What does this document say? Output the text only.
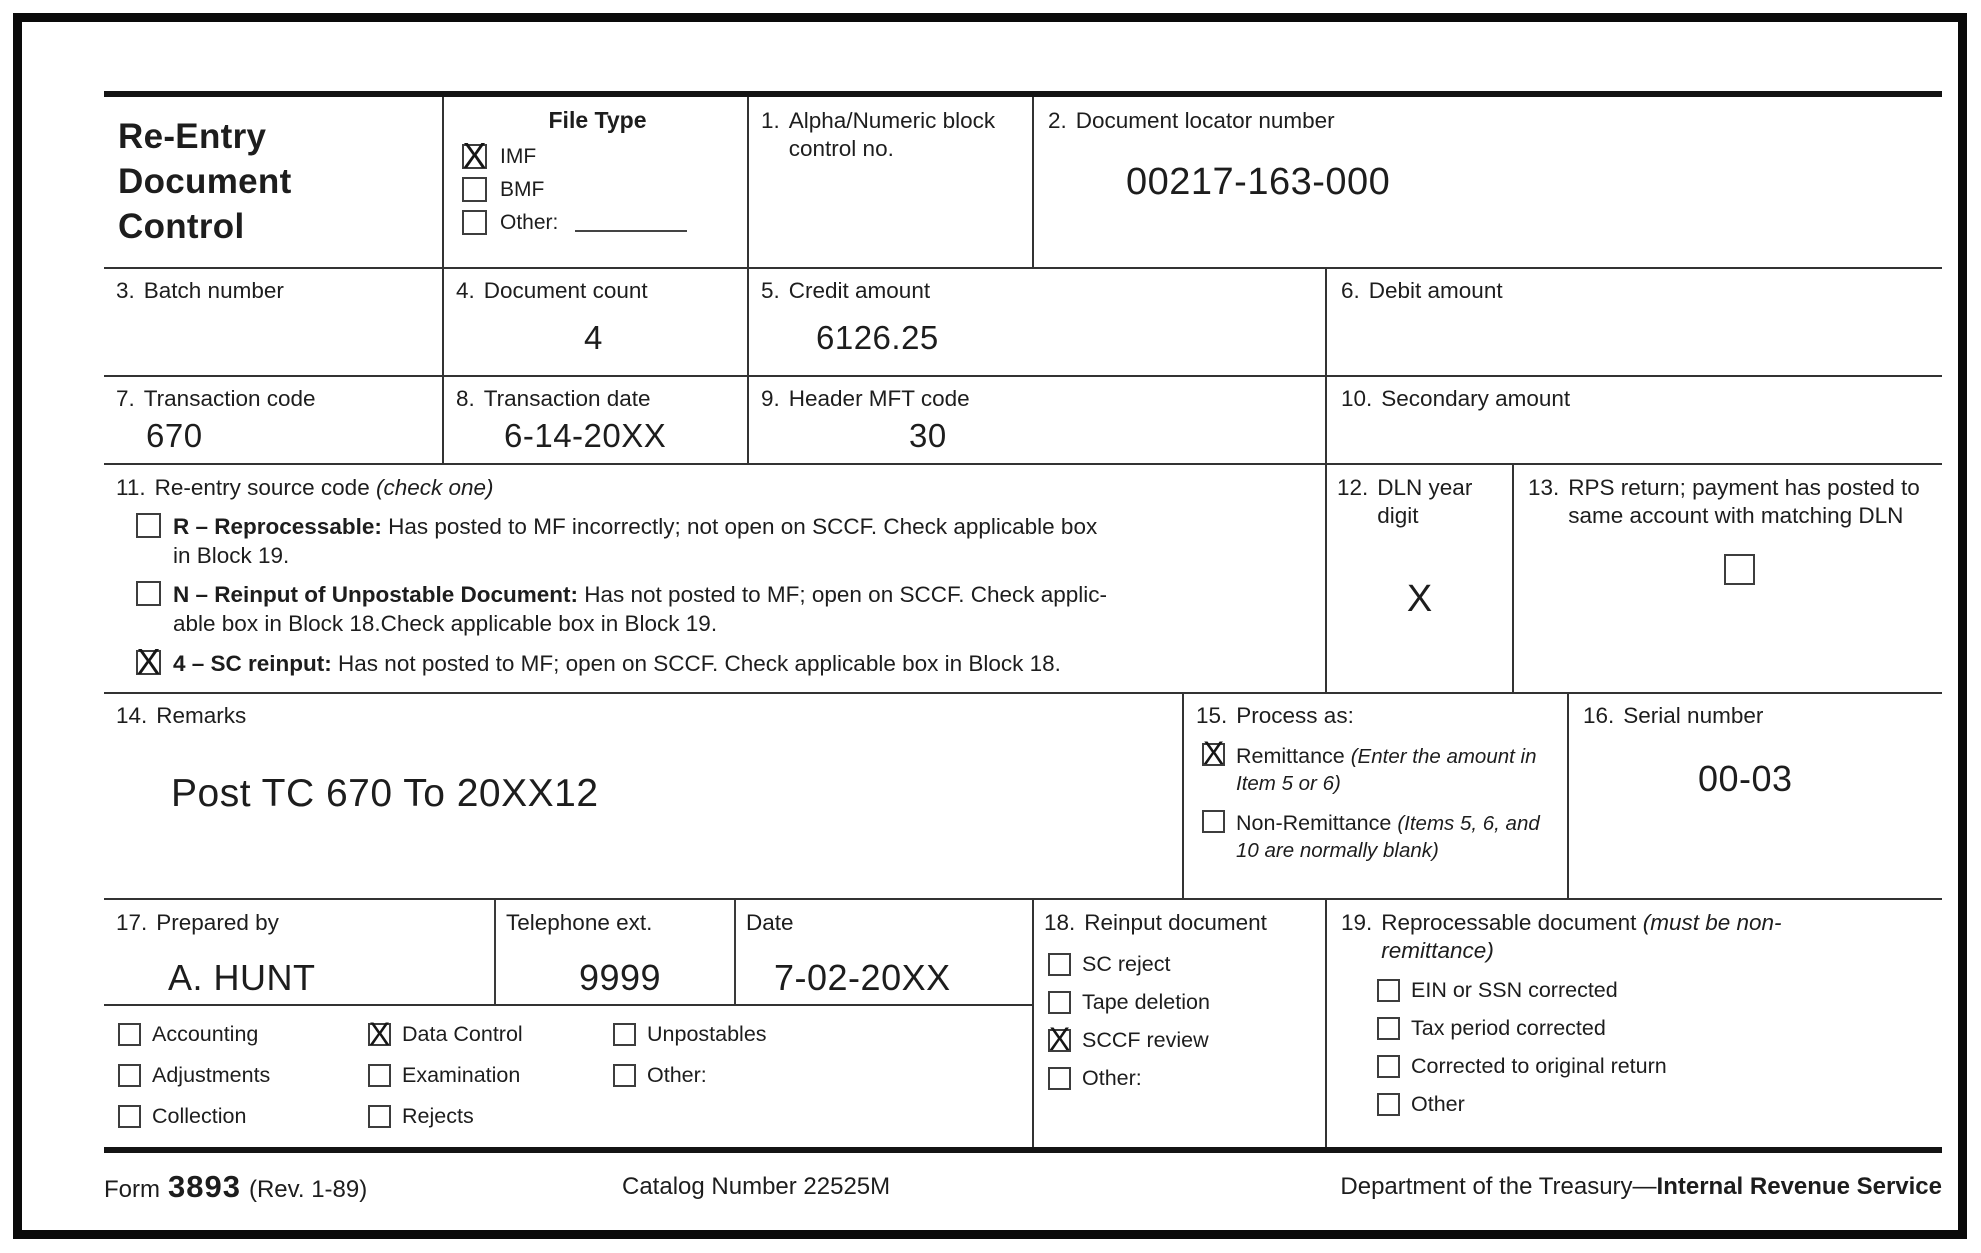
Re-Entry Document Control
File Type
X IMF
BMF
Other:
1. Alpha/Numeric block control no.
2. Document locator number
00217-163-000
3. Batch number	4. Document count
4
5. Credit amount
6126.25
6. Debit amount
7. Transaction code
670
8. Transaction date
6-14-20XX
9. Header MFT code
30
10. Secondary amount
11. Re-entry source code (check one)
R – Reprocessable: Has posted to MF incorrectly; not open on SCCF. Check applicable box
in Block 19.
N – Reinput of Unpostable Document: Has not posted to MF; open on SCCF. Check applic-
able box in Block 18.Check applicable box in Block 19.
X 4 – SC reinput: Has not posted to MF; open on SCCF. Check applicable box in Block 18.
12. DLN year digit
X
13. RPS return; payment has posted to same account with matching DLN
14. Remarks
Post TC 670 To 20XX12
15. Process as:
X Remittance (Enter the amount in Item 5 or 6)
Non-Remittance (Items 5, 6, and 10 are normally blank)
16. Serial number
00-03
17. Prepared by
A. HUNT
Telephone ext.
9999
Date
7-02-20XX
Accounting
Adjustments
Collection
X Data Control
Examination
Rejects
Unpostables
Other:
18. Reinput document
SC reject
Tape deletion
X SCCF review
Other:
19. Reprocessable document (must be non-remittance)
EIN or SSN corrected
Tax period corrected
Corrected to original return
Other
Form 3893 (Rev. 1-89)	Catalog Number 22525M	Department of the Treasury—Internal Revenue Service
